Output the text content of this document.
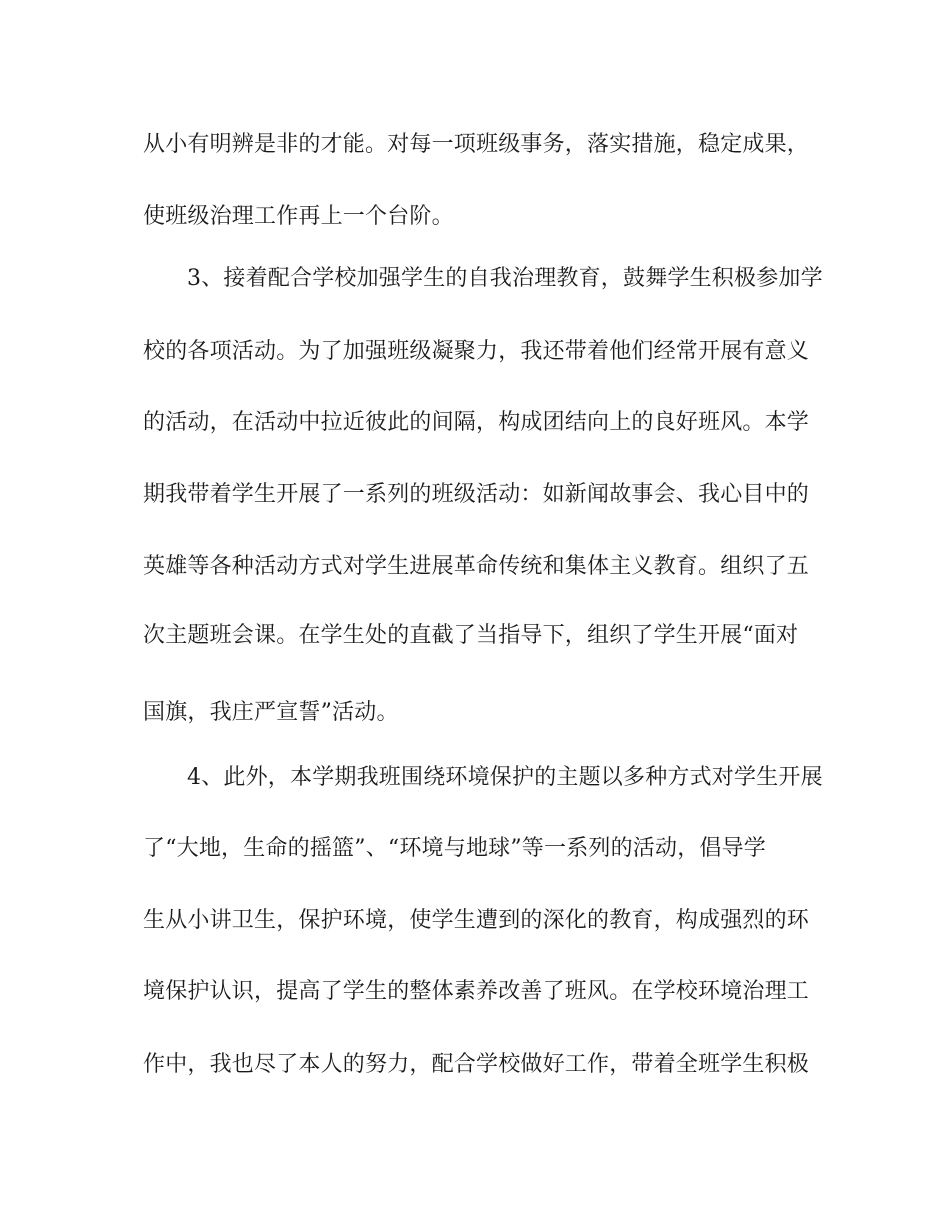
从小有明辨是非的才能。对每一项班级事务，落实措施，稳定成果，
使班级治理工作再上一个台阶。
3、接着配合学校加强学生的自我治理教育，鼓舞学生积极参加学
校的各项活动。为了加强班级凝聚力，我还带着他们经常开展有意义
的活动，在活动中拉近彼此的间隔，构成团结向上的良好班风。本学
期我带着学生开展了一系列的班级活动：如新闻故事会、我心目中的
英雄等各种活动方式对学生进展革命传统和集体主义教育。组织了五
次主题班会课。在学生处的直截了当指导下，组织了学生开展“面对
国旗，我庄严宣誓”活动。
4、此外，本学期我班围绕环境保护的主题以多种方式对学生开展
了“大地，生命的摇篮”、“环境与地球”等一系列的活动，倡导学
生从小讲卫生，保护环境，使学生遭到的深化的教育，构成强烈的环
境保护认识，提高了学生的整体素养改善了班风。在学校环境治理工
作中，我也尽了本人的努力，配合学校做好工作，带着全班学生积极
